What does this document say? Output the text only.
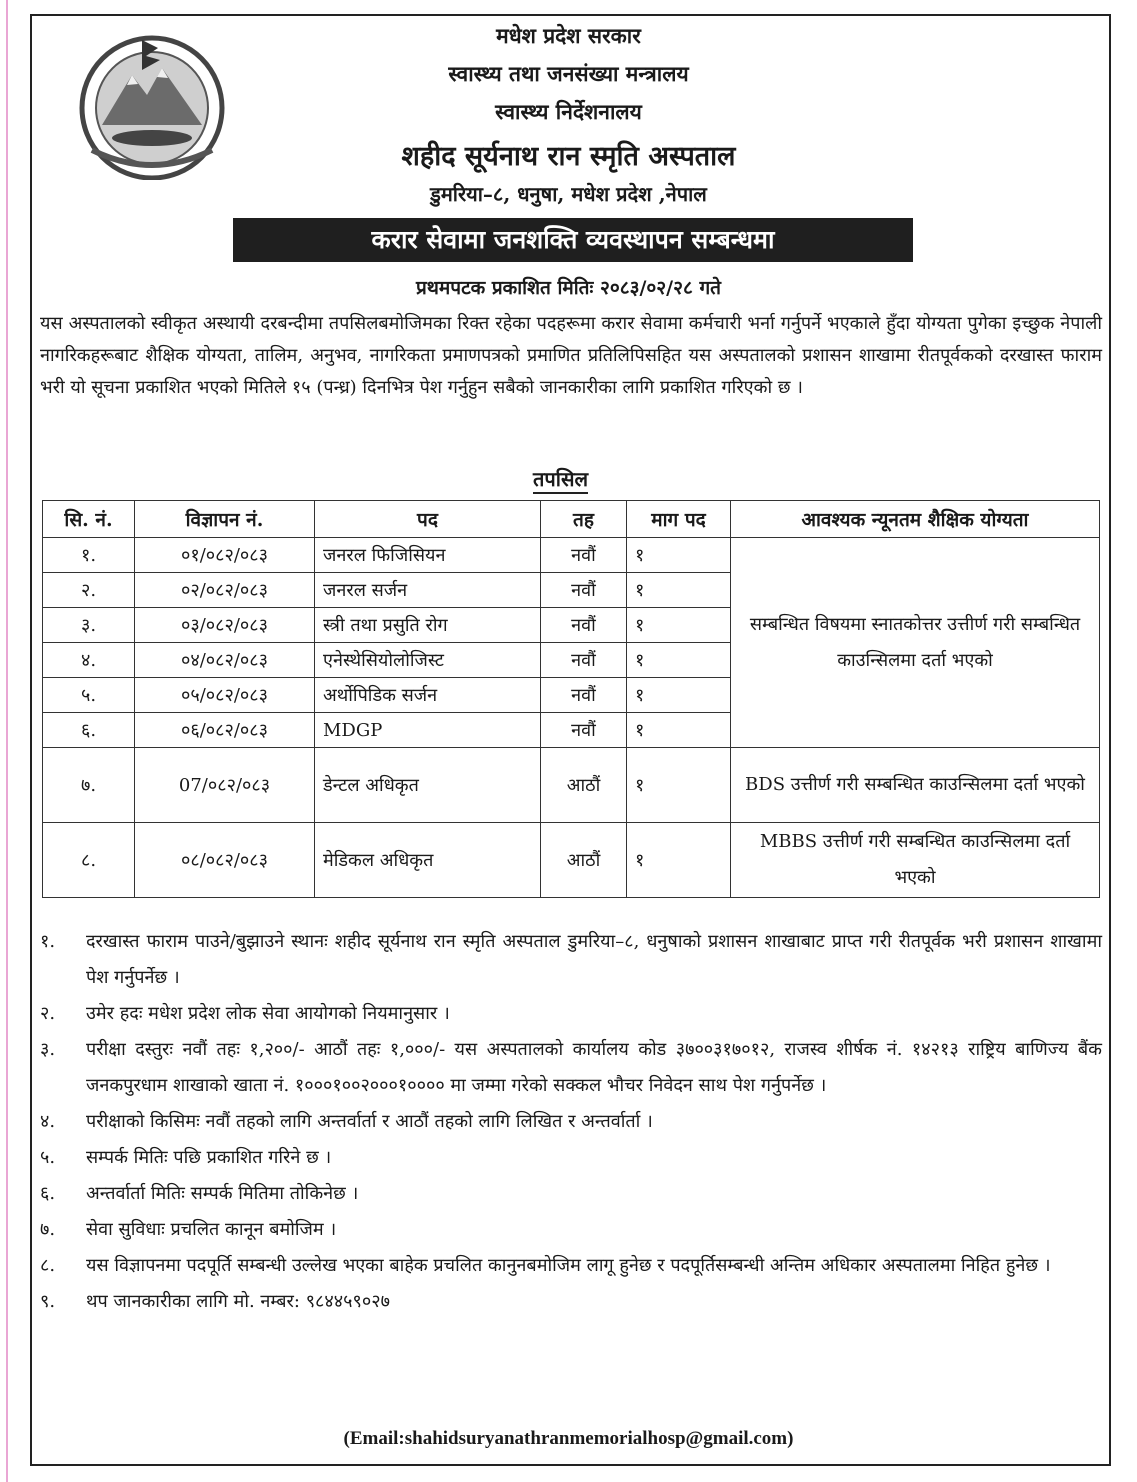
मधेश प्रदेश सरकार
स्वास्थ्य तथा जनसंख्या मन्त्रालय
स्वास्थ्य निर्देशनालय
शहीद सूर्यनाथ रान स्मृति अस्पताल
डुमरिया–८, धनुषा, मधेश प्रदेश ,नेपाल
करार सेवामा जनशक्ति व्यवस्थापन सम्बन्धमा
प्रथमपटक प्रकाशित मितिः २०८३/०२/२८ गते

यस अस्पतालको स्वीकृत अस्थायी दरबन्दीमा तपसिलबमोजिमका रिक्त रहेका पदहरूमा करार सेवामा कर्मचारी भर्ना गर्नुपर्ने भएकाले हुँदा योग्यता पुगेका इच्छुक नेपाली नागरिकहरूबाट शैक्षिक योग्यता, तालिम, अनुभव, नागरिकता प्रमाणपत्रको प्रमाणित प्रतिलिपिसहित यस अस्पतालको प्रशासन शाखामा रीतपूर्वकको दरखास्त फाराम भरी यो सूचना प्रकाशित भएको मितिले १५ (पन्ध्र) दिनभित्र पेश गर्नुहुन सबैको जानकारीका लागि प्रकाशित गरिएको छ ।

तपसिल
सि. नं.	विज्ञापन नं.	पद	तह	माग पद	आवश्यक न्यूनतम शैक्षिक योग्यता
१.	०१/०८२/०८३	जनरल फिजिसियन	नवौं	१	सम्बन्धित विषयमा स्नातकोत्तर उत्तीर्ण गरी सम्बन्धित काउन्सिलमा दर्ता भएको
२.	०२/०८२/०८३	जनरल सर्जन	नवौं	१	
३.	०३/०८२/०८३	स्त्री तथा प्रसुति रोग	नवौं	१	
४.	०४/०८२/०८३	एनेस्थेसियोलोजिस्ट	नवौं	१	
५.	०५/०८२/०८३	अर्थोपिडिक सर्जन	नवौं	१	
६.	०६/०८२/०८३	MDGP	नवौं	१	
७.	07/०८२/०८३	डेन्टल अधिकृत	आठौं	१	BDS उत्तीर्ण गरी सम्बन्धित काउन्सिलमा दर्ता भएको
८.	०८/०८२/०८३	मेडिकल अधिकृत	आठौं	१	MBBS उत्तीर्ण गरी सम्बन्धित काउन्सिलमा दर्ता भएको
१.	दरखास्त फाराम पाउने/बुझाउने स्थानः शहीद सूर्यनाथ रान स्मृति अस्पताल डुमरिया–८, धनुषाको प्रशासन शाखाबाट प्राप्त गरी रीतपूर्वक भरी प्रशासन शाखामा पेश गर्नुपर्नेछ ।
२.	उमेर हदः मधेश प्रदेश लोक सेवा आयोगको नियमानुसार ।
३.	परीक्षा दस्तुरः नवौं तहः १,२००/- आठौं तहः १,०००/- यस अस्पतालको कार्यालय कोड ३७००३१७०१२, राजस्व शीर्षक नं. १४२१३ राष्ट्रिय बाणिज्य बैंक जनकपुरधाम शाखाको खाता नं. १०००१००२०००१०००० मा जम्मा गरेको सक्कल भौचर निवेदन साथ पेश गर्नुपर्नेछ ।
४.	परीक्षाको किसिमः नवौं तहको लागि अन्तर्वार्ता र आठौं तहको लागि लिखित र अन्तर्वार्ता ।
५.	सम्पर्क मितिः पछि प्रकाशित गरिने छ ।
६.	अन्तर्वार्ता मितिः सम्पर्क मितिमा तोकिनेछ ।
७.	सेवा सुविधाः प्रचलित कानून बमोजिम ।
८.	यस विज्ञापनमा पदपूर्ति सम्बन्धी उल्लेख भएका बाहेक प्रचलित कानुनबमोजिम लागू हुनेछ र पदपूर्तिसम्बन्धी अन्तिम अधिकार अस्पतालमा निहित हुनेछ ।
९.	थप जानकारीका लागि मो. नम्बर: ९८४४५९०२७
(Email:shahidsuryanathranmemorialhosp@gmail.com)
